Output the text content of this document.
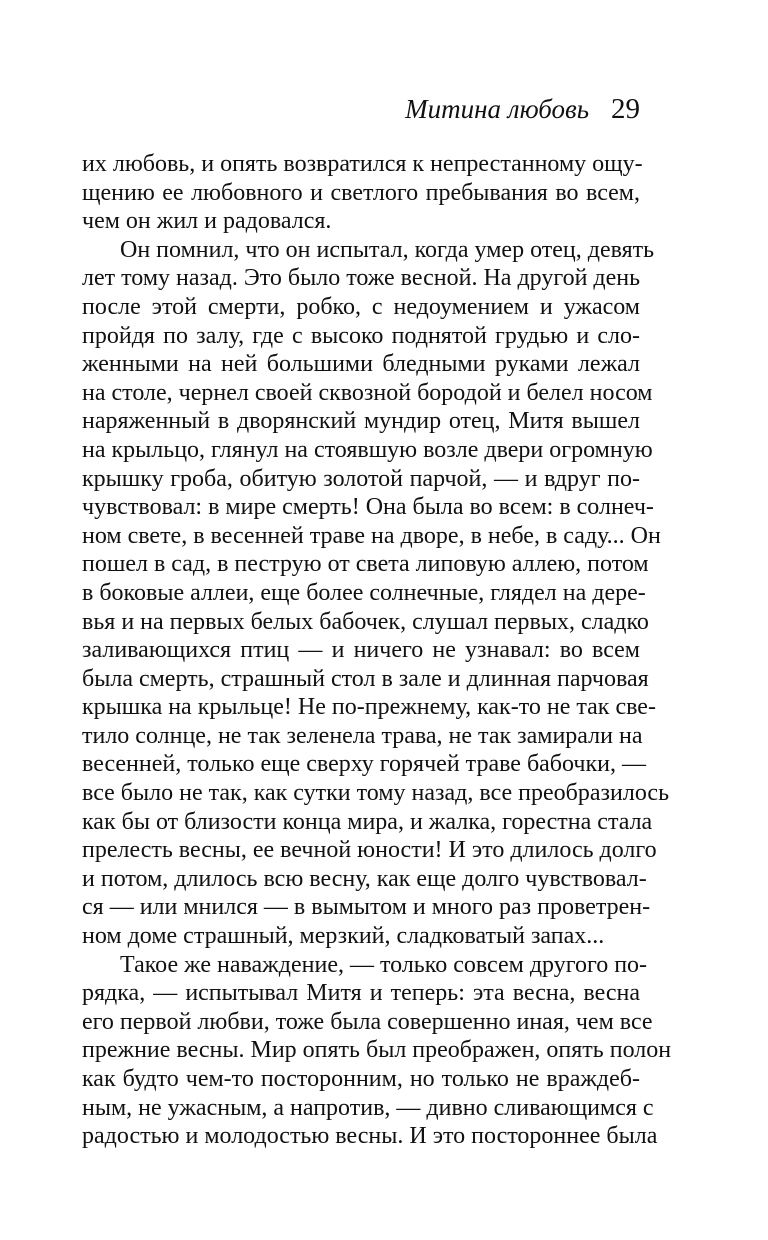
Митина любовь 29
их любовь, и опять возвратился к непрестанному ощу-
щению ее любовного и светлого пребывания во всем,
чем он жил и радовался.
Он помнил, что он испытал, когда умер отец, девять
лет тому назад. Это было тоже весной. На другой день
после этой смерти, робко, с недоумением и ужасом
пройдя по залу, где с высоко поднятой грудью и сло-
женными на ней большими бледными руками лежал
на столе, чернел своей сквозной бородой и белел носом
наряженный в дворянский мундир отец, Митя вышел
на крыльцо, глянул на стоявшую возле двери огромную
крышку гроба, обитую золотой парчой, — и вдруг по-
чувствовал: в мире смерть! Она была во всем: в солнеч-
ном свете, в весенней траве на дворе, в небе, в саду... Он
пошел в сад, в пеструю от света липовую аллею, потом
в боковые аллеи, еще более солнечные, глядел на дере-
вья и на первых белых бабочек, слушал первых, сладко
заливающихся птиц — и ничего не узнавал: во всем
была смерть, страшный стол в зале и длинная парчовая
крышка на крыльце! Не по-прежнему, как-то не так све-
тило солнце, не так зеленела трава, не так замирали на
весенней, только еще сверху горячей траве бабочки, —
все было не так, как сутки тому назад, все преобразилось
как бы от близости конца мира, и жалка, горестна стала
прелесть весны, ее вечной юности! И это длилось долго
и потом, длилось всю весну, как еще долго чувствовал-
ся — или мнился — в вымытом и много раз проветрен-
ном доме страшный, мерзкий, сладковатый запах...
Такое же наваждение, — только совсем другого по-
рядка, — испытывал Митя и теперь: эта весна, весна
его первой любви, тоже была совершенно иная, чем все
прежние весны. Мир опять был преображен, опять полон
как будто чем-то посторонним, но только не враждеб-
ным, не ужасным, а напротив, — дивно сливающимся с
радостью и молодостью весны. И это постороннее была
